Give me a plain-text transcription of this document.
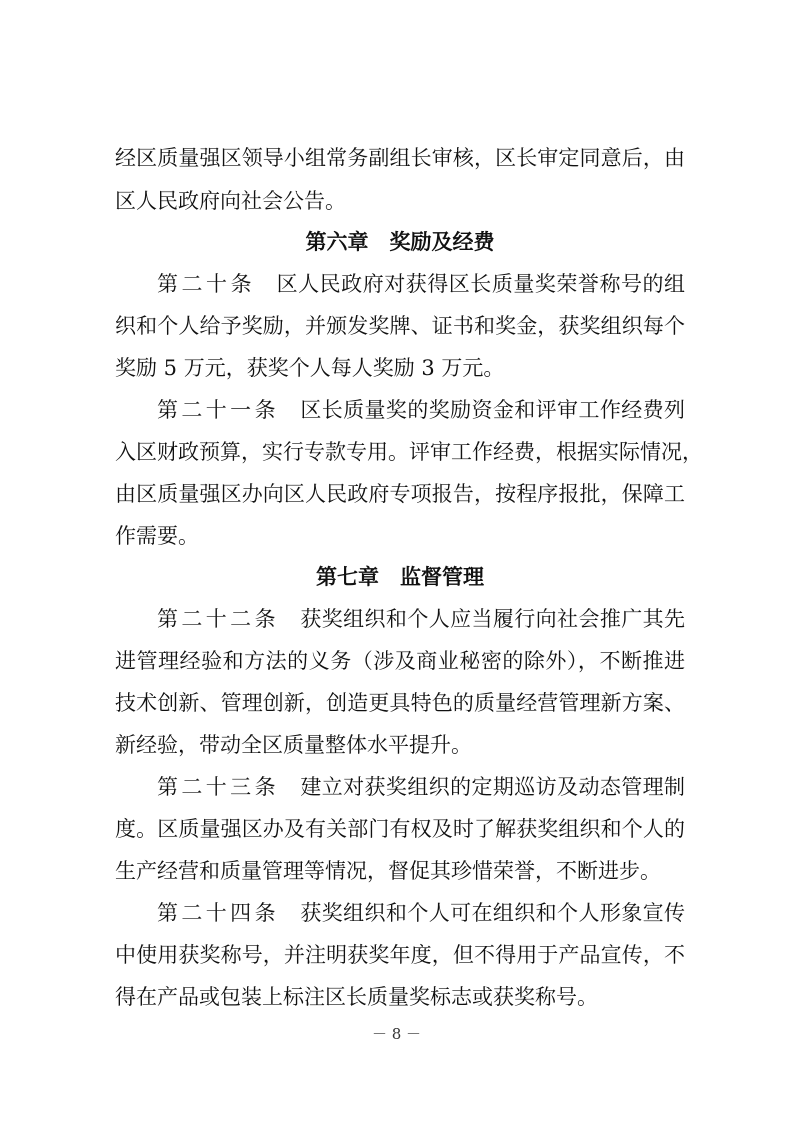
经区质量强区领导小组常务副组长审核，区长审定同意后，由
区人民政府向社会公告。
第六章　奖励及经费
第二十条　区人民政府对获得区长质量奖荣誉称号的组
织和个人给予奖励，并颁发奖牌、证书和奖金，获奖组织每个
奖励 5 万元，获奖个人每人奖励 3 万元。
第二十一条　区长质量奖的奖励资金和评审工作经费列
入区财政预算，实行专款专用。评审工作经费，根据实际情况，
由区质量强区办向区人民政府专项报告，按程序报批，保障工
作需要。
第七章　监督管理
第二十二条　获奖组织和个人应当履行向社会推广其先
进管理经验和方法的义务（涉及商业秘密的除外），不断推进
技术创新、管理创新，创造更具特色的质量经营管理新方案、
新经验，带动全区质量整体水平提升。
第二十三条　建立对获奖组织的定期巡访及动态管理制
度。区质量强区办及有关部门有权及时了解获奖组织和个人的
生产经营和质量管理等情况，督促其珍惜荣誉，不断进步。
第二十四条　获奖组织和个人可在组织和个人形象宣传
中使用获奖称号，并注明获奖年度，但不得用于产品宣传，不
得在产品或包装上标注区长质量奖标志或获奖称号。
－ 8 －
